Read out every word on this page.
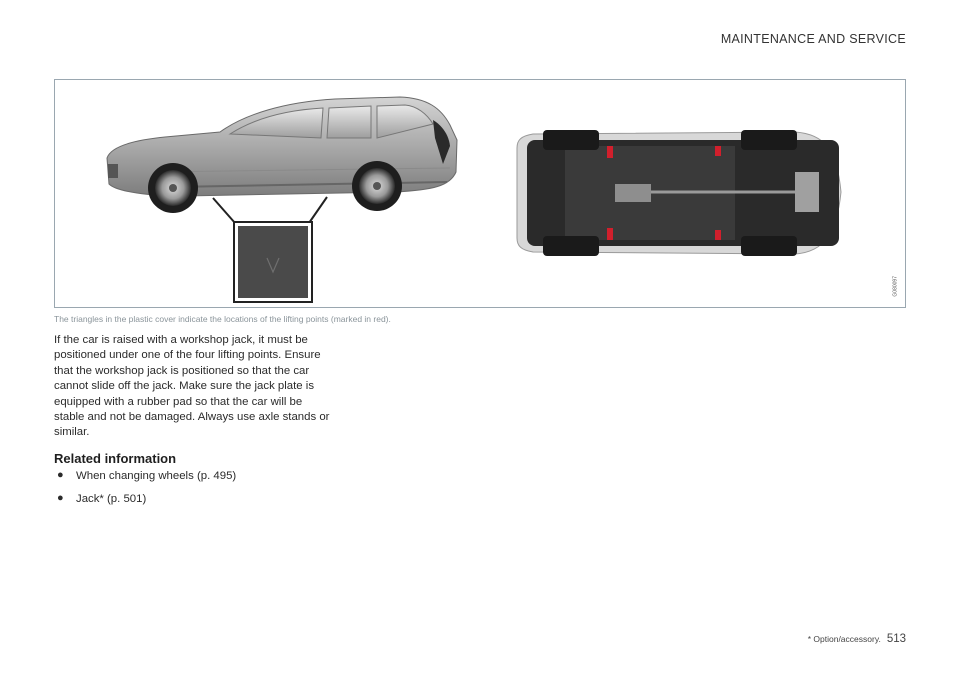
MAINTENANCE AND SERVICE
G080097
The triangles in the plastic cover indicate the locations of the lifting points (marked in red).

If the car is raised with a workshop jack, it must be positioned under one of the four lifting points. Ensure that the workshop jack is positioned so that the car cannot slide off the jack. Make sure the jack plate is equipped with a rubber pad so that the car will be stable and not be damaged. Always use axle stands or similar.

Related information
● When changing wheels (p. 495)
● Jack* (p. 501)
* Option/accessory. 513
